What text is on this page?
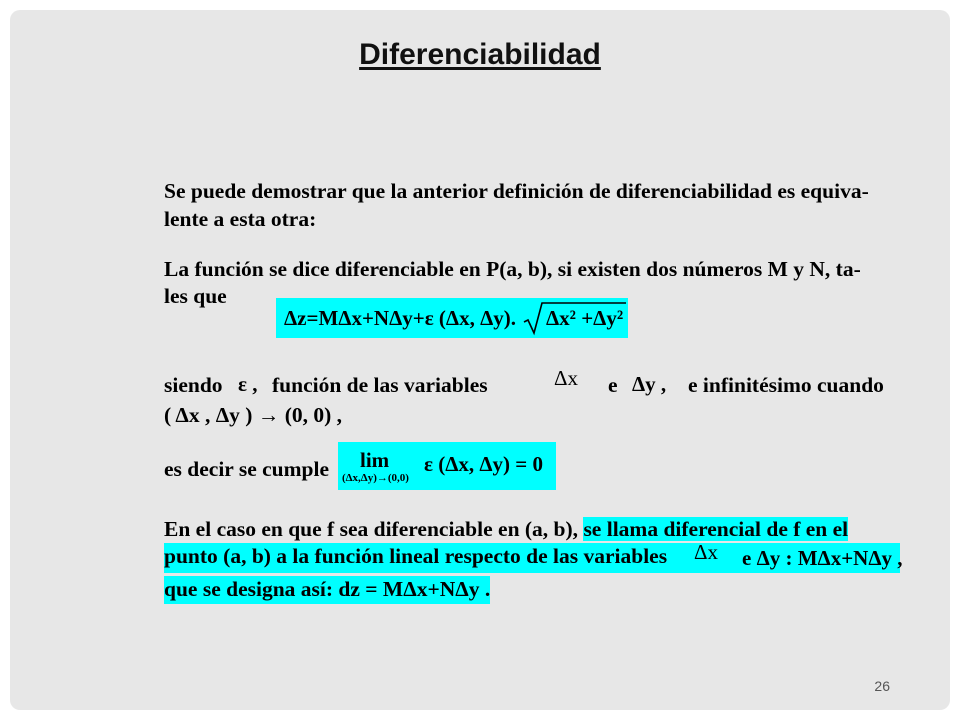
Diferenciabilidad
Se puede demostrar que la anterior definición de diferenciabilidad es equiva-
lente a esta otra:
La función se dice diferenciable en P(a, b), si existen dos números M y N, ta-
les que
Δz=MΔx+NΔy+ε (Δx, Δy). Δx² +Δy²
siendo ε , función de las variables	Δx e Δy , e infinitésimo cuando
( Δx , Δy ) → (0, 0) ,
es decir se cumple lim
(Δx,Δy)→(0,0)
ε (Δx, Δy) = 0
En el caso en que f sea diferenciable en (a, b), se llama diferencial de f en el
punto (a, b) a la función lineal respecto de las variables	Δx e Δy : MΔx+NΔy ,
que se designa así: dz = MΔx+NΔy .
26
